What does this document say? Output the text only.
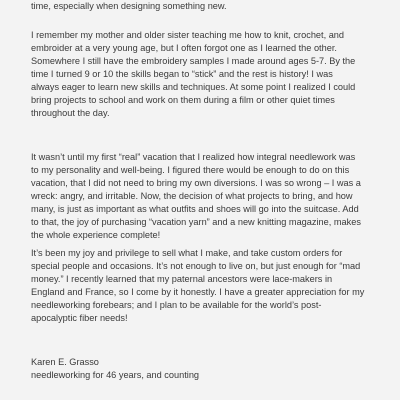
time, especially when designing something new.
I remember my mother and older sister teaching me how to knit, crochet, and
embroider at a very young age, but I often forgot one as I learned the other.
Somewhere I still have the embroidery samples I made around ages 5-7. By the
time I turned 9 or 10 the skills began to “stick” and the rest is history! I was
always eager to learn new skills and techniques. At some point I realized I could
bring projects to school and work on them during a film or other quiet times
throughout the day.
It wasn’t until my first “real” vacation that I realized how integral needlework was
to my personality and well-being. I figured there would be enough to do on this
vacation, that I did not need to bring my own diversions. I was so wrong – I was a
wreck: angry, and irritable. Now, the decision of what projects to bring, and how
many, is just as important as what outfits and shoes will go into the suitcase. Add
to that, the joy of purchasing “vacation yarn” and a new knitting magazine, makes
the whole experience complete!
It’s been my joy and privilege to sell what I make, and take custom orders for
special people and occasions. It’s not enough to live on, but just enough for “mad
money.” I recently learned that my paternal ancestors were lace-makers in
England and France, so I come by it honestly. I have a greater appreciation for my
needleworking forebears; and I plan to be available for the world’s post-
apocalyptic fiber needs!
Karen E. Grasso
needleworking for 46 years, and counting
